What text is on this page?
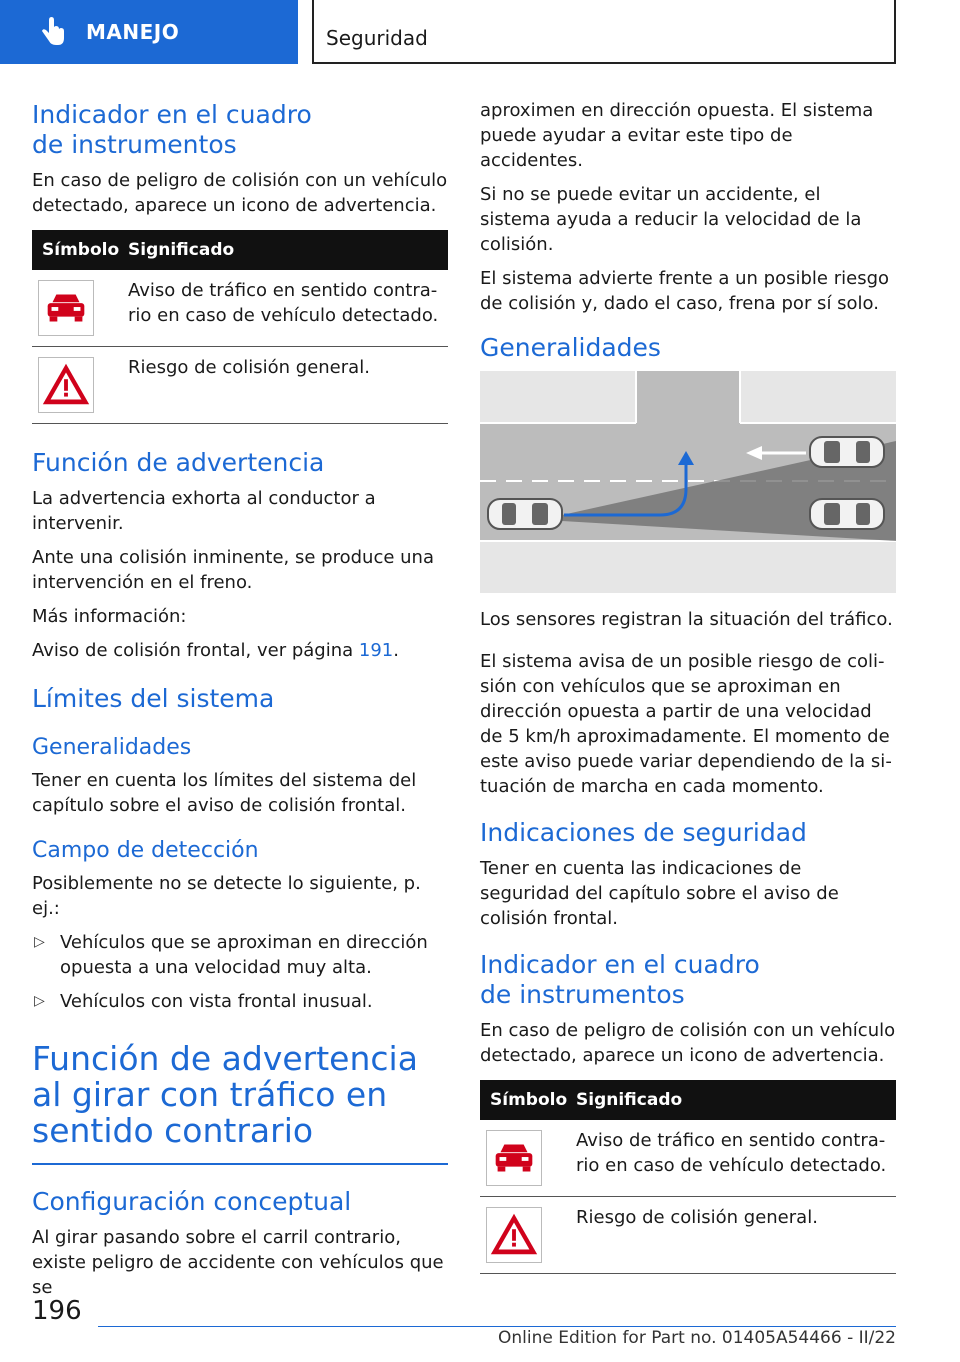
MANEJO	Seguridad
Indicador en el cuadro de instrumentos

En caso de peligro de colisión con un vehículo detectado, aparece un icono de advertencia.

Símbolo	Significado

	Aviso de tráfico en sentido contrario en caso de vehículo detectado.

	Riesgo de colisión general.
Función de advertencia

La advertencia exhorta al conductor a intervenir.

Ante una colisión inminente, se produce una intervención en el freno.

Más información:

Aviso de colisión frontal, ver página 191.

Límites del sistema
Generalidades

Tener en cuenta los límites del sistema del capítulo sobre el aviso de colisión frontal.

Campo de detección

Posiblemente no se detecte lo siguiente, p. ej.:

▷ Vehículos que se aproximan en dirección opuesta a una velocidad muy alta.
▷ Vehículos con vista frontal inusual.
Función de advertencia al girar con tráfico en sentido contrario
Configuración conceptual

Al girar pasando sobre el carril contrario, existe peligro de accidente con vehículos que se

aproximen en dirección opuesta. El sistema puede ayudar a evitar este tipo de accidentes.

Si no se puede evitar un accidente, el sistema ayuda a reducir la velocidad de la colisión.

El sistema advierte frente a un posible riesgo de colisión y, dado el caso, frena por sí solo.

Generalidades

Los sensores registran la situación del tráfico.

El sistema avisa de un posible riesgo de colisión con vehículos que se aproximan en dirección opuesta a partir de una velocidad de 5 km/h aproximadamente. El momento de este aviso puede variar dependiendo de la situación de marcha en cada momento.

Indicaciones de seguridad

Tener en cuenta las indicaciones de seguridad del capítulo sobre el aviso de colisión frontal.

Indicador en el cuadro de instrumentos

En caso de peligro de colisión con un vehículo detectado, aparece un icono de advertencia.

Símbolo	Significado

	Aviso de tráfico en sentido contrario en caso de vehículo detectado.

	Riesgo de colisión general.
196
Online Edition for Part no. 01405A54466 - II/22
